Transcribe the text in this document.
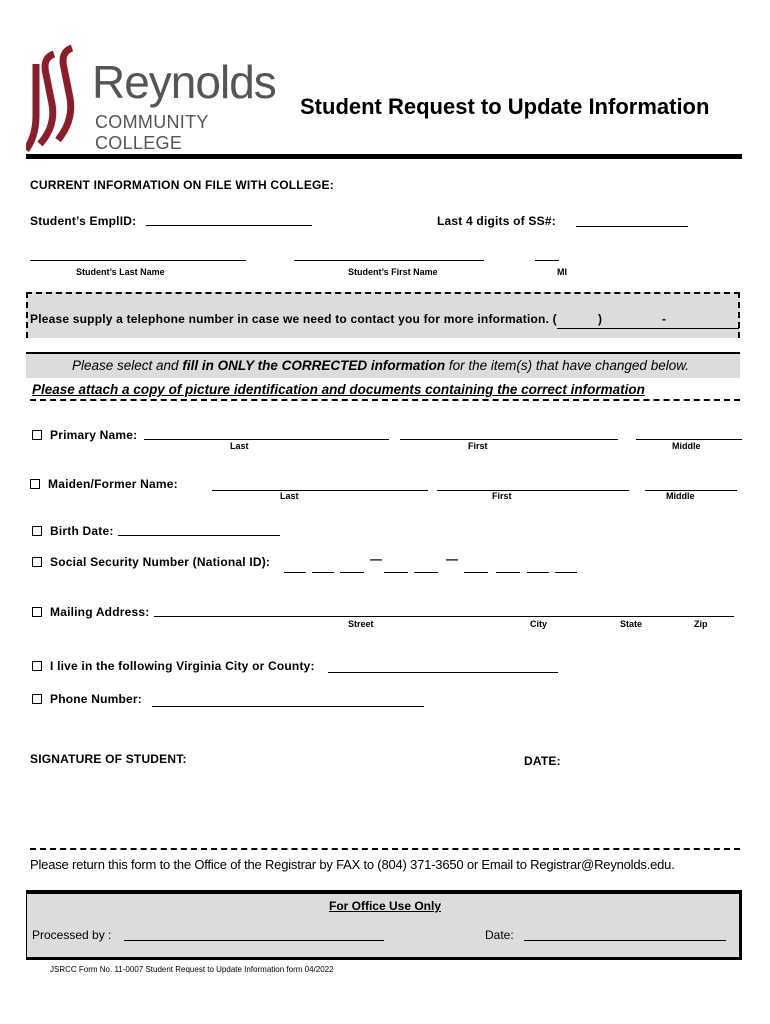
Reynolds
COMMUNITY COLLEGE
Student Request to Update Information
CURRENT INFORMATION ON FILE WITH COLLEGE:
Student’s EmplID:	Last 4 digits of SS#:
Student’s Last Name	Student’s First Name	MI
Please supply a telephone number in case we need to contact you for more information. (	)	-
Please select and fill in ONLY the CORRECTED information for the item(s) that have changed below.
Please attach a copy of picture identification and documents containing the correct information
Primary Name:
Last	First	Middle
Maiden/Former Name:
Last	First	Middle
Birth Date:
Social Security Number (National ID):	—	—
Mailing Address:
Street	City	State	Zip
I live in the following Virginia City or County:
Phone Number:
SIGNATURE OF STUDENT:	DATE:
Please return this form to the Office of the Registrar by FAX to (804) 371-3650 or Email to Registrar@Reynolds.edu.
For Office Use Only
Processed by :	Date:
JSRCC Form No. 11-0007 Student Request to Update Information form 04/2022
